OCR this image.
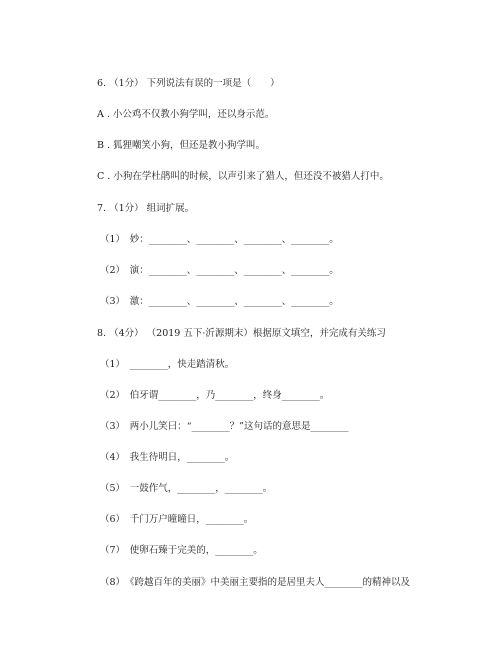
6. （1分） 下列说法有误的一项是（　　）
A . 小公鸡不仅教小狗学叫，还以身示范。
B . 狐狸嘲笑小狗，但还是教小狗学叫。
C . 小狗在学杜鹃叫的时候，以声引来了猎人，但还没不被猎人打中。
7. （1分） 组词扩展。
（1）　妙：________、________、________、________。
（2）　演：________、________、________、________。
（3）　激：________、________、________、________。
8. （4分） （2019 五下·沂源期末）根据原文填空，并完成有关练习
（1）　________，快走踏清秋。
（2）　伯牙谓________，乃________，终身________。
（3）　两小儿笑曰：“________？”这句话的意思是________
（4）　我生待明日，________。
（5）　一鼓作气，________，________。
（6）　千门万户曈曈日，________。
（7）　使卵石臻于完美的，________。
（8）　《跨越百年的美丽》中美丽主要指的是居里夫人________的精神以及
